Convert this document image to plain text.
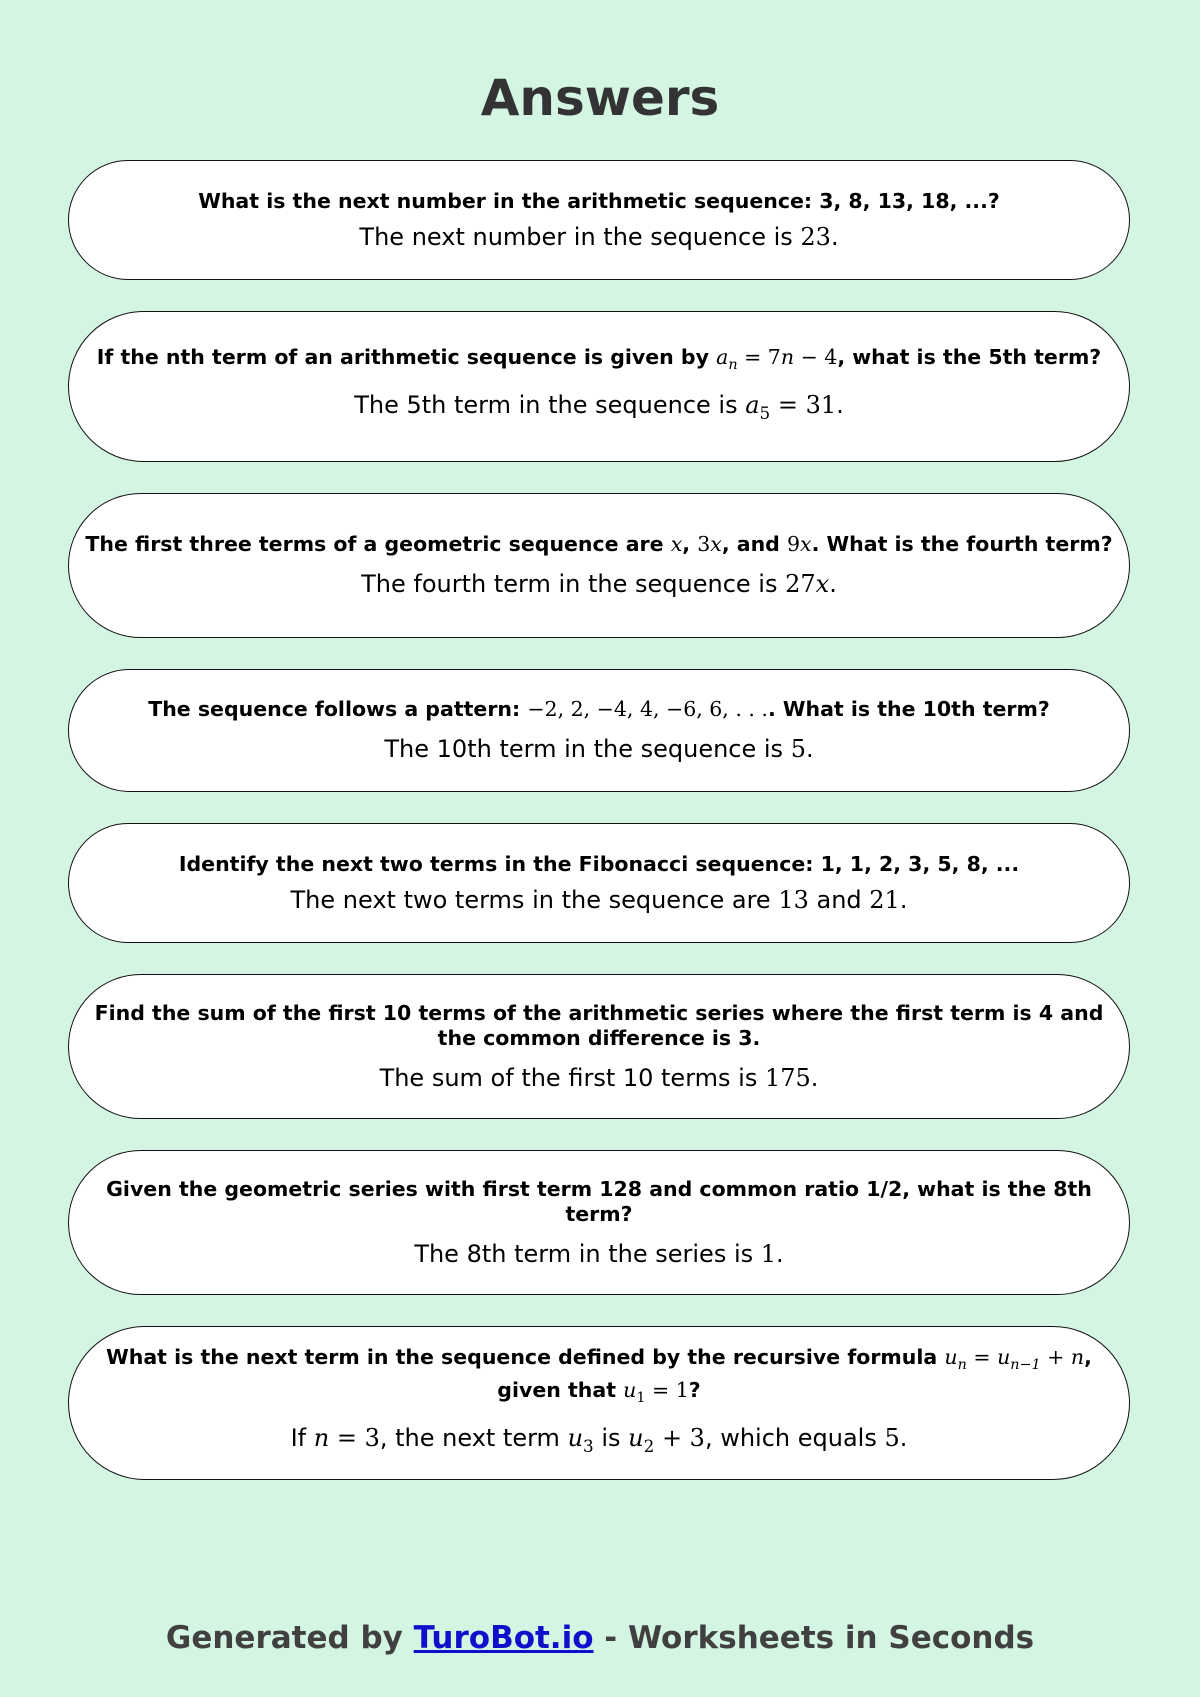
Answers
What is the next number in the arithmetic sequence: 3, 8, 13, 18, ...?
The next number in the sequence is 23.
If the nth term of an arithmetic sequence is given by $a_n = 7n - 4$, what is the 5th term?
The 5th term in the sequence is $a_5 = 31$.
The first three terms of a geometric sequence are x, 3x, and 9x. What is the fourth term?
The fourth term in the sequence is 27x.
The sequence follows a pattern: −2, 2, −4, 4, −6, 6, . . .. What is the 10th term?
The 10th term in the sequence is 5.
Identify the next two terms in the Fibonacci sequence: 1, 1, 2, 3, 5, 8, ...
The next two terms in the sequence are 13 and 21.
Find the sum of the first 10 terms of the arithmetic series where the first term is 4 and the common difference is 3.
The sum of the first 10 terms is 175.
Given the geometric series with first term 128 and common ratio 1/2, what is the 8th term?
The 8th term in the series is 1.
What is the next term in the sequence defined by the recursive formula $u_n = u_{n-1} + n$, given that $u_1 = 1$?
If n = 3, the next term $u_3$ is $u_2 + 3$, which equals 5.
Generated by TuroBot.io - Worksheets in Seconds
